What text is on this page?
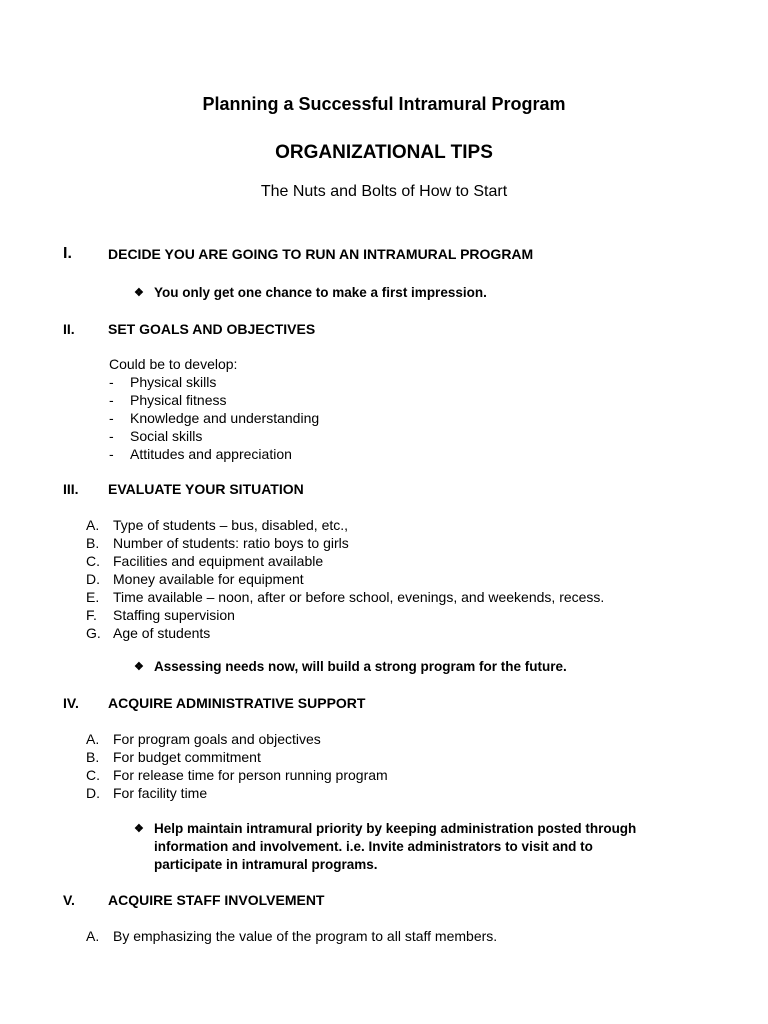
Planning a Successful Intramural Program
ORGANIZATIONAL TIPS
The Nuts and Bolts of How to Start
I.	DECIDE YOU ARE GOING TO RUN AN INTRAMURAL PROGRAM
❖ You only get one chance to make a first impression.
II. SET GOALS AND OBJECTIVES
Could be to develop:
- Physical skills
- Physical fitness
- Knowledge and understanding
- Social skills
- Attitudes and appreciation
III. EVALUATE YOUR SITUATION
A. Type of students – bus, disabled, etc.,
B. Number of students: ratio boys to girls
C. Facilities and equipment available
D. Money available for equipment
E. Time available – noon, after or before school, evenings, and weekends, recess.
F. Staffing supervision
G. Age of students
❖ Assessing needs now, will build a strong program for the future.
IV. ACQUIRE ADMINISTRATIVE SUPPORT
A. For program goals and objectives
B. For budget commitment
C. For release time for person running program
D. For facility time
❖ Help maintain intramural priority by keeping administration posted through
information and involvement. i.e. Invite administrators to visit and to
participate in intramural programs.
V. ACQUIRE STAFF INVOLVEMENT
A. By emphasizing the value of the program to all staff members.
